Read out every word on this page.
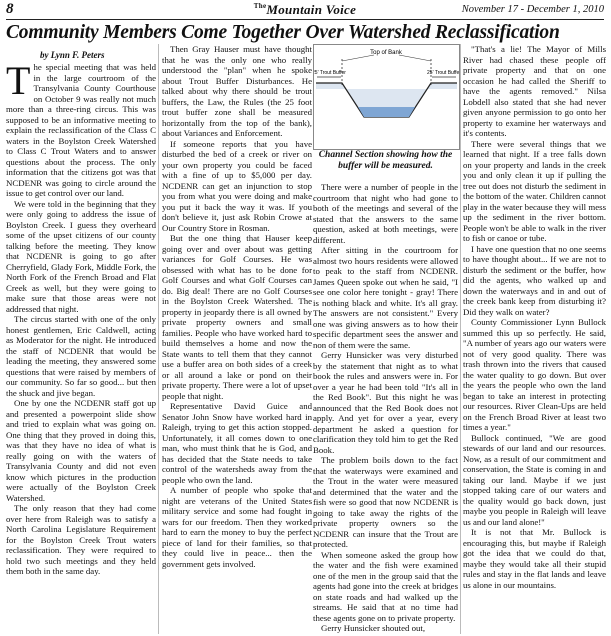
8	$^{The}$Mountain Voice	November 17 - December 1, 2010
Community Members Come Together Over Watershed Reclassification
by Lynn F. Peters

The special meeting that was held in the large courtroom of the Transylvania County Courthouse on October 9 was really not much more than a three-ring circus. This was supposed to be an informative meeting to explain the reclassification of the Class C waters in the Boylston Creek Watershed to Class C Trout Waters and to answer questions about the process. The only information that the citizens got was that NCDENR was going to circle around the issue to get control over our land.

We were told in the beginning that they were only going to address the issue of Boylston Creek. I guess they overheard some of the upset citizens of our county talking before the meeting. They know that NCDENR is going to go after Cherryfield, Glady Fork, Middle Fork, the North Fork of the French Broad and Flat Creek as well, but they were going to make sure that those areas were not addressed that night.

The circus started with one of the only honest gentlemen, Eric Caldwell, acting as Moderator for the night. He introduced the staff of NCDENR that would be leading the meeting, they answered some questions that were raised by members of our community. So far so good... but then the shuck and jive began.

One by one the NCDENR staff got up and presented a powerpoint slide show and tried to explain what was going on. One thing that they proved in doing this, was that they have no idea of what is really going on with the waters of Transylvania County and did not even know which pictures in the production were actually of the Boylston Creek Watershed.

The only reason that they had come over here from Raleigh was to satisfy a North Carolina Legislature Requirement for the Boylston Creek Trout waters reclassification. They were required to hold two such meetings and they held them both in the same day.

Then Gray Hauser must have thought that he was the only one who really understood the "plan" when he spoke about Trout Buffer Disturbances. He talked about why there should be trout buffers, the Law, the Rules (the 25 foot trout buffer zone shall be measured horizontally from the top of the bank), about Variances and Enforcement.

If someone reports that you have disturbed the bed of a creek or river on your own property you could be faced with a fine of up to $5,000 per day. NCDENR can get an injunction to stop you from what you were doing and make you put it back the way it was. If you don't believe it, just ask Robin Crowe at Our Country Store in Rosman.

But the one thing that Hauser keep going over and over about was getting variances for Golf Courses. He was obsessed with what has to be done for Golf Courses and what Golf Courses can do. Big deal! There are no Golf Courses in the Boylston Creek Watershed. The property in jeopardy there is all owned by private property owners and small families. People who have worked hard to build themselves a home and now the State wants to tell them that they cannot use a buffer area on both sides of a creek or all around a lake or pond on their private property. There were a lot of upset people that night.

Representative David Guice and Senator John Snow have worked hard in Raleigh, trying to get this action stopped. Unfortunately, it all comes down to one man, who must think that he is God, and has decided that the State needs to take control of the watersheds away from the people who own the land.

A number of people who spoke that night are veterans of the United States military service and some had fought in wars for our freedom. Then they worked hard to earn the money to buy the perfect piece of land for their families, so that they could live in peace... then the government gets involved.

Top of Bank
25' Trout Buffer	25' Trout Buffer
Channel Section showing how the buffer will be measured.

There were a number of people in the courtroom that night who had gone to both of the meetings and several of the stated that the answers to the same question, asked at both meetings, were different.

After sitting in the courtroom for almost two hours residents were allowed to peak to the staff from NCDENR. James Queen spoke out when he said, "I see one color here tonight - gray! There is nothing black and white. It's all gray. The answers are not consistent." Every one was giving answers as to how their specific department sees the answer and non of them were the same.

Gerry Hunsicker was very disturbed by the statement that night as to what book the rules and answers were in. For over a year he had been told "It's all in the Red Book". But this night he was announced that the Red Book does not apply. And yet for over a year, every department he asked a question for clarification they told him to get the Red Book.

The problem boils down to the fact that the waterways were examined and the Trout in the water were measured and determined that the water and the fish were so good that now NCDENR is going to take away the rights of the private property owners so the NCDENR can insure that the Trout are protected.

When someone asked the group how the water and the fish were examined one of the men in the group said that the agents had gone into the creek at bridges on state roads and had walked up the streams. He said that at no time had these agents gone on to private property.

Gerry Hunsicker shouted out,

"That's a lie! The Mayor of Mills River had chased these people off private property and that on one occasion he had called the Sheriff to have the agents removed." Nilsa Lobdell also stated that she had never given anyone permission to go onto her property to examine her waterways and it's contents.

There were several things that we learned that night. If a tree falls down on your property and lands in the creek you and only clean it up if pulling the tree out does not disturb the sediment in the bottom of the water. Children cannot play in the water because they will mess up the sediment in the river bottom. People won't be able to walk in the river to fish or canoe or tube.

I have one question that no one seems to have thought about... If we are not to disturb the sediment or the buffer, how did the agents, who walked up and down the waterways and in and out of the creek bank keep from disturbing it? Did they walk on water?

County Commissioner Lynn Bullock summed this up so perfectly. He said, "A number of years ago our waters were not of very good quality. There was trash thrown into the rivers that caused the water quality to go down. But over the years the people who own the land began to take an interest in protecting our resources. River Clean-Ups are held on the French Broad River at least two times a year."

Bullock continued, "We are good stewards of our land and our resources. Now, as a result of our commitment and conservation, the State is coming in and taking our land. Maybe if we just stopped taking care of our waters and the quality would go back down, just maybe you people in Raleigh will leave us and our land alone!"

It is not that Mr. Bullock is encouraging this, but maybe if Raleigh got the idea that we could do that, maybe they would take all their stupid rules and stay in the flat lands and leave us alone in our mountains.
